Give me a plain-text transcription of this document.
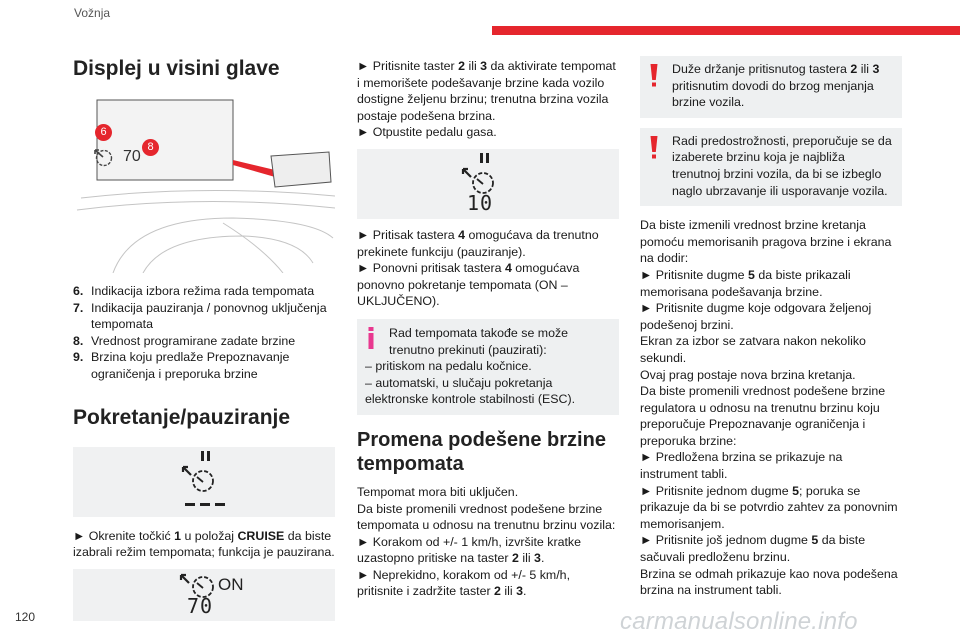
Vožnja
120	carmanualsonline.info
Displej u visini glave
6
8
70
6. Indikacija izbora režima rada tempomata
7. Indikacija pauziranja / ponovnog uključenja tempomata
8. Vrednost programirane zadate brzine
9. Brzina koju predlaže Prepoznavanje ograničenja i preporuka brzine
Pokretanje/pauziranje

► Okrenite točkić 1 u položaj CRUISE da biste izabrali režim tempomata; funkcija je pauzirana.

ON
70

► Pritisnite taster 2 ili 3 da aktivirate tempomat i memorišete podešavanje brzine kada vozilo dostigne željenu brzinu; trenutna brzina vozila postaje podešena brzina.

► Otpustite pedalu gasa.

10

► Pritisak tastera 4 omogućava da trenutno prekinete funkciju (pauziranje).

► Ponovni pritisak tastera 4 omogućava ponovno pokretanje tempomata (ON – UKLJUČENO).

Rad tempomata takođe se može trenutno prekinuti (pauzirati):
– pritiskom na pedalu kočnice.
– automatski, u slučaju pokretanja elektronske kontrole stabilnosti (ESC).
Promena podešene brzine tempomata

Tempomat mora biti uključen.

Da biste promenili vrednost podešene brzine tempomata u odnosu na trenutnu brzinu vozila:

► Korakom od +/- 1 km/h, izvršite kratke uzastopno pritiske na taster 2 ili 3.

► Neprekidno, korakom od +/- 5 km/h, pritisnite i zadržite taster 2 ili 3.

Duže držanje pritisnutog tastera 2 ili 3 pritisnutim dovodi do brzog menjanja brzine vozila.
Radi predostrožnosti, preporučuje se da izaberete brzinu koja je najbliža trenutnoj brzini vozila, da bi se izbeglo naglo ubrzavanje ili usporavanje vozila.

Da biste izmenili vrednost brzine kretanja pomoću memorisanih pragova brzine i ekrana na dodir:

► Pritisnite dugme 5 da biste prikazali memorisana podešavanja brzine.

► Pritisnite dugme koje odgovara željenoj podešenoj brzini.

Ekran za izbor se zatvara nakon nekoliko sekundi.

Ovaj prag postaje nova brzina kretanja.

Da biste promenili vrednost podešene brzine regulatora u odnosu na trenutnu brzinu koju preporučuje Prepoznavanje ograničenja i preporuka brzine:

► Predložena brzina se prikazuje na instrument tabli.

► Pritisnite jednom dugme 5; poruka se prikazuje da bi se potvrdio zahtev za ponovnim memorisanjem.

► Pritisnite još jednom dugme 5 da biste sačuvali predloženu brzinu.

Brzina se odmah prikazuje kao nova podešena brzina na instrument tabli.
